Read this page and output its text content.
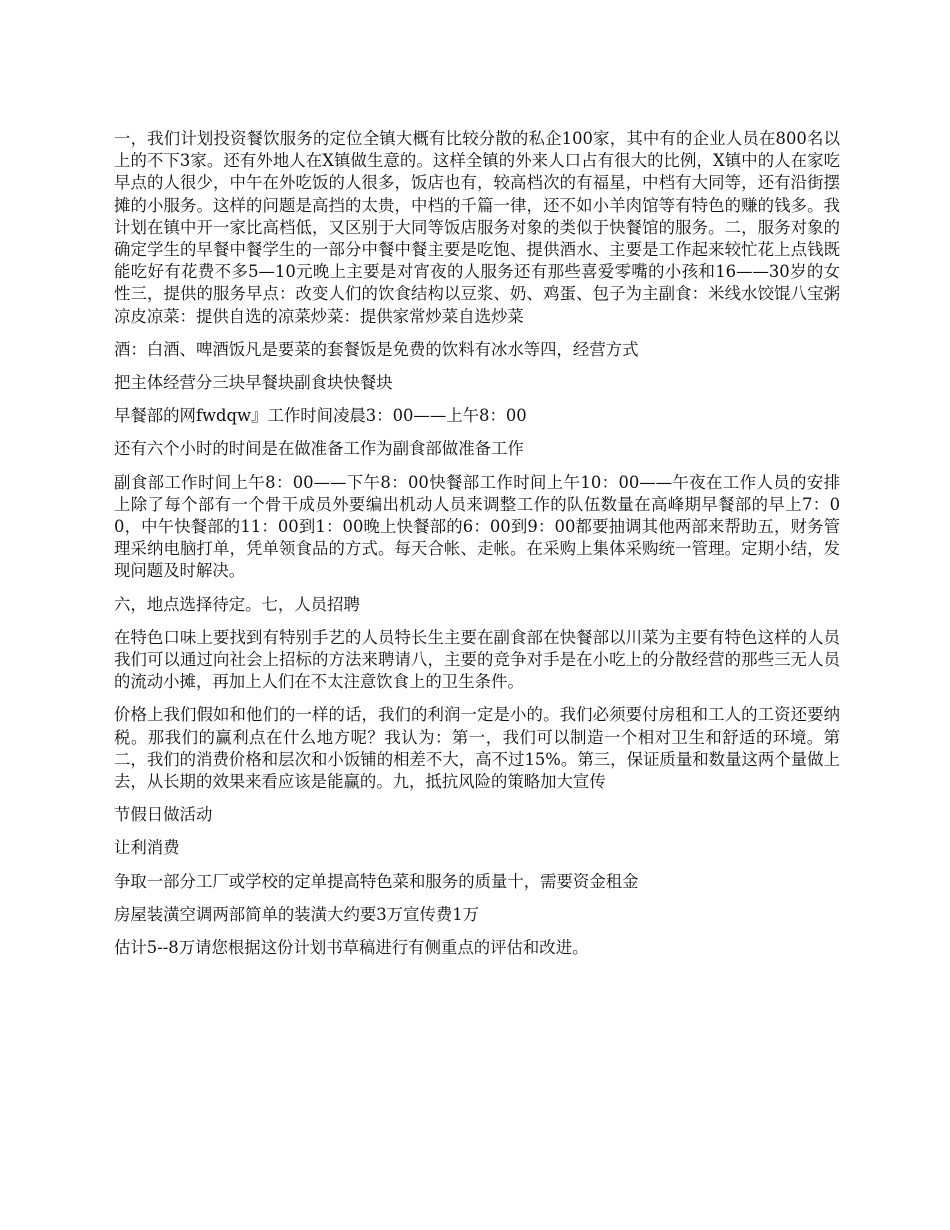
一，我们计划投资餐饮服务的定位全镇大概有比较分散的私企100家，其中有的企业人员在800名以上的不下3家。还有外地人在X镇做生意的。这样全镇的外来人口占有很大的比例，X镇中的人在家吃早点的人很少，中午在外吃饭的人很多，饭店也有，较高档次的有福星，中档有大同等，还有沿街摆摊的小服务。这样的问题是高挡的太贵，中档的千篇一律，还不如小羊肉馆等有特色的赚的钱多。我计划在镇中开一家比高档低，又区别于大同等饭店服务对象的类似于快餐馆的服务。二，服务对象的确定学生的早餐中餐学生的一部分中餐中餐主要是吃饱、提供酒水、主要是工作起来较忙花上点钱既能吃好有花费不多5—10元晚上主要是对宵夜的人服务还有那些喜爱零嘴的小孩和16——30岁的女性三，提供的服务早点：改变人们的饮食结构以豆浆、奶、鸡蛋、包子为主副食：米线水饺馄八宝粥凉皮凉菜：提供自选的凉菜炒菜：提供家常炒菜自选炒菜

酒：白酒、啤酒饭凡是要菜的套餐饭是免费的饮料有冰水等四，经营方式

把主体经营分三块早餐块副食块快餐块

早餐部的网fwdqw』工作时间凌晨3：00——上午8：00

还有六个小时的时间是在做准备工作为副食部做准备工作

副食部工作时间上午8：00——下午8：00快餐部工作时间上午10：00——午夜在工作人员的安排上除了每个部有一个骨干成员外要编出机动人员来调整工作的队伍数量在高峰期早餐部的早上7：00，中午快餐部的11：00到1：00晚上快餐部的6：00到9：00都要抽调其他两部来帮助五，财务管理采纳电脑打单，凭单领食品的方式。每天合帐、走帐。在采购上集体采购统一管理。定期小结，发现问题及时解决。

六，地点选择待定。七，人员招聘

在特色口味上要找到有特别手艺的人员特长生主要在副食部在快餐部以川菜为主要有特色这样的人员我们可以通过向社会上招标的方法来聘请八，主要的竞争对手是在小吃上的分散经营的那些三无人员的流动小摊，再加上人们在不太注意饮食上的卫生条件。

价格上我们假如和他们的一样的话，我们的利润一定是小的。我们必须要付房租和工人的工资还要纳税。那我们的赢利点在什么地方呢？我认为：第一，我们可以制造一个相对卫生和舒适的环境。第二，我们的消费价格和层次和小饭铺的相差不大，高不过15%。第三，保证质量和数量这两个量做上去，从长期的效果来看应该是能赢的。九，抵抗风险的策略加大宣传

节假日做活动

让利消费

争取一部分工厂或学校的定单提高特色菜和服务的质量十，需要资金租金

房屋装潢空调两部简单的装潢大约要3万宣传费1万

估计5--8万请您根据这份计划书草稿进行有侧重点的评估和改进。
